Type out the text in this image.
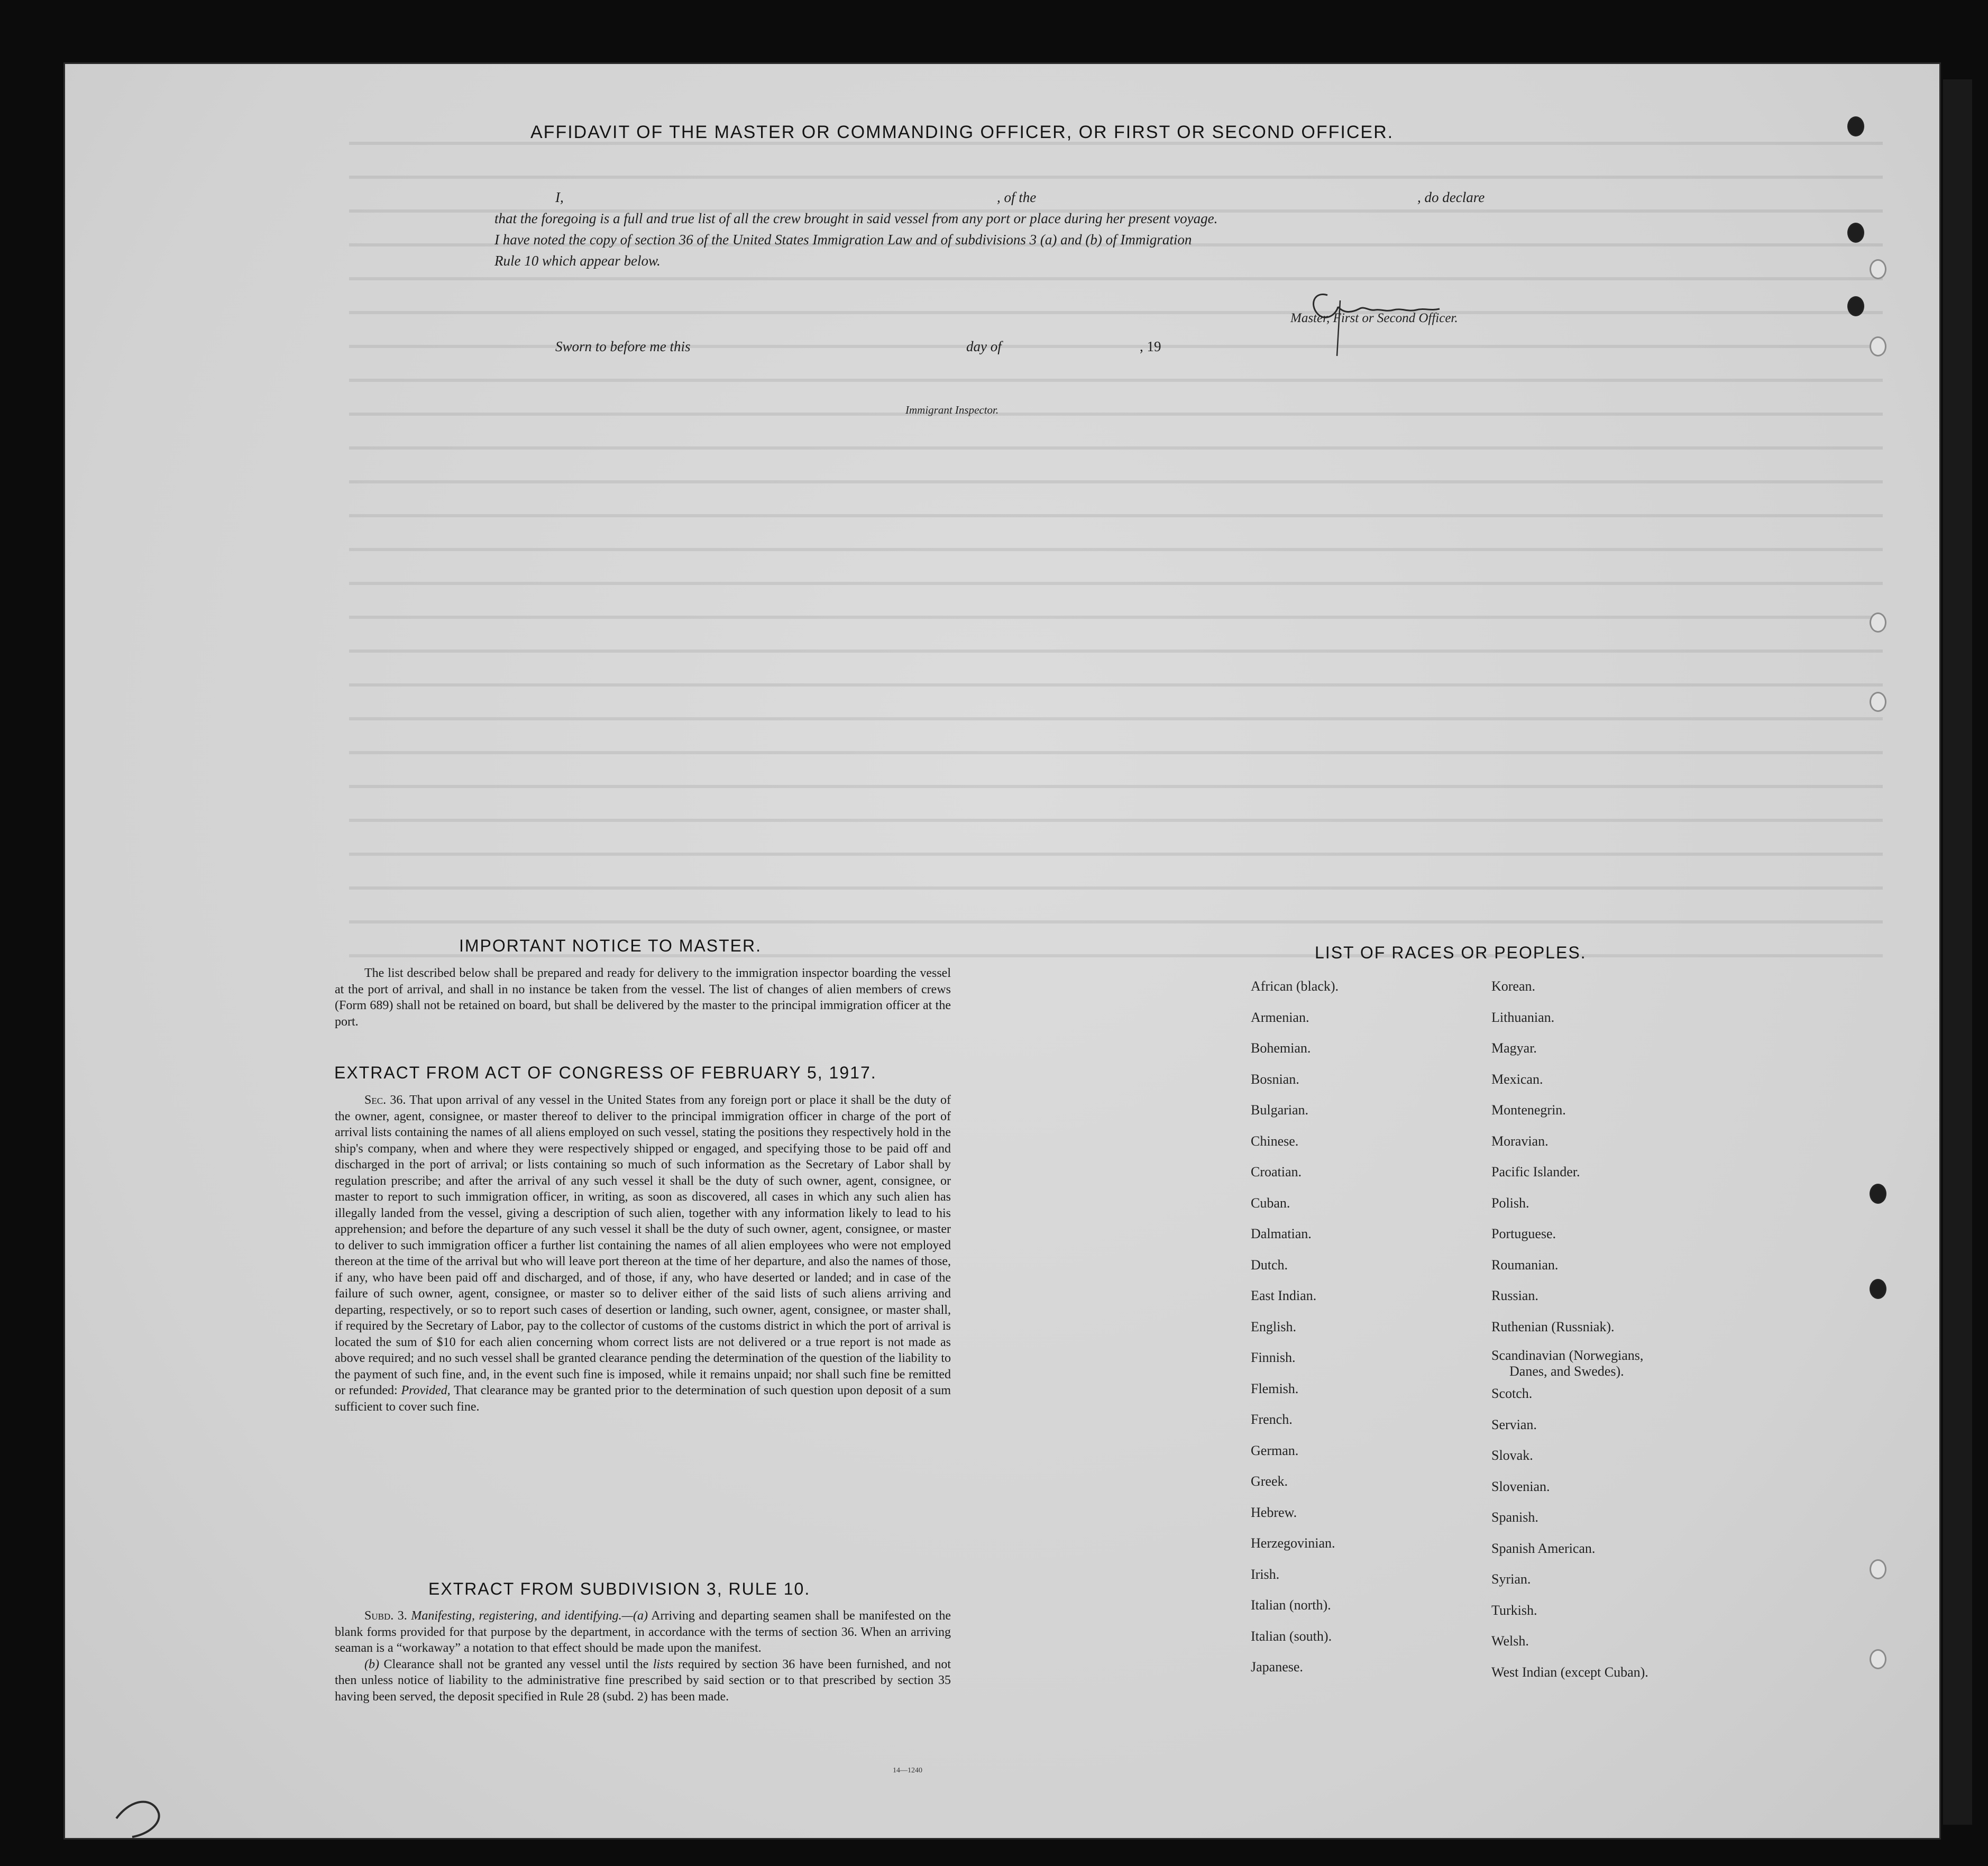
AFFIDAVIT OF THE MASTER OR COMMANDING OFFICER, OR FIRST OR SECOND OFFICER.
I,	, of the	, do declare
that the foregoing is a full and true list of all the crew brought in said vessel from any port or place during her present voyage.
I have noted the copy of section 36 of the United States Immigration Law and of subdivisions 3 (a) and (b) of Immigration
Rule 10 which appear below.
Master, First or Second Officer.
Sworn to before me this	day of	, 19
Immigrant Inspector.
IMPORTANT NOTICE TO MASTER.
The list described below shall be prepared and ready for delivery to the immigration inspector boarding the vessel at the port of arrival, and shall in no instance be taken from the vessel. The list of changes of alien members of crews (Form 689) shall not be retained on board, but shall be delivered by the master to the principal immigration officer at the port.
EXTRACT FROM ACT OF CONGRESS OF FEBRUARY 5, 1917.

Sec. 36. That upon arrival of any vessel in the United States from any foreign port or place it shall be the duty of the owner, agent, consignee, or master thereof to deliver to the principal immigration officer in charge of the port of arrival lists containing the names of all aliens employed on such vessel, stating the positions they respectively hold in the ship's company, when and where they were respectively shipped or engaged, and specifying those to be paid off and discharged in the port of arrival; or lists containing so much of such information as the Secretary of Labor shall by regulation prescribe; and after the arrival of any such vessel it shall be the duty of such owner, agent, consignee, or master to report to such immigration officer, in writing, as soon as discovered, all cases in which any such alien has illegally landed from the vessel, giving a description of such alien, together with any information likely to lead to his apprehension; and before the departure of any such vessel it shall be the duty of such owner, agent, consignee, or master to deliver to such immigration officer a further list containing the names of all alien employees who were not employed thereon at the time of the arrival but who will leave port thereon at the time of her departure, and also the names of those, if any, who have been paid off and discharged, and of those, if any, who have deserted or landed; and in case of the failure of such owner, agent, consignee, or master so to deliver either of the said lists of such aliens arriving and departing, respectively, or so to report such cases of desertion or landing, such owner, agent, consignee, or master shall, if required by the Secretary of Labor, pay to the collector of customs of the customs district in which the port of arrival is located the sum of $10 for each alien concerning whom correct lists are not delivered or a true report is not made as above required; and no such vessel shall be granted clearance pending the determination of the question of the liability to the payment of such fine, and, in the event such fine is imposed, while it remains unpaid; nor shall such fine be remitted or refunded: Provided, That clearance may be granted prior to the determination of such question upon deposit of a sum sufficient to cover such fine.

EXTRACT FROM SUBDIVISION 3, RULE 10.

Subd. 3. Manifesting, registering, and identifying.—(a) Arriving and departing seamen shall be manifested on the blank forms provided for that purpose by the department, in accordance with the terms of section 36. When an arriving seaman is a “workaway” a notation to that effect should be made upon the manifest.

(b) Clearance shall not be granted any vessel until the lists required by section 36 have been furnished, and not then unless notice of liability to the administrative fine prescribed by said section or to that prescribed by section 35 having been served, the deposit specified in Rule 28 (subd. 2) has been made.

14—1240
LIST OF RACES OR PEOPLES.
African (black).
Armenian.
Bohemian.
Bosnian.
Bulgarian.
Chinese.
Croatian.
Cuban.
Dalmatian.
Dutch.
East Indian.
English.
Finnish.
Flemish.
French.
German.
Greek.
Hebrew.
Herzegovinian.
Irish.
Italian (north).
Italian (south).
Japanese.
Korean.
Lithuanian.
Magyar.
Mexican.
Montenegrin.
Moravian.
Pacific Islander.
Polish.
Portuguese.
Roumanian.
Russian.
Ruthenian (Russniak).
Scandinavian (Norwegians,
Danes, and Swedes).
Scotch.
Servian.
Slovak.
Slovenian.
Spanish.
Spanish American.
Syrian.
Turkish.
Welsh.
West Indian (except Cuban).
